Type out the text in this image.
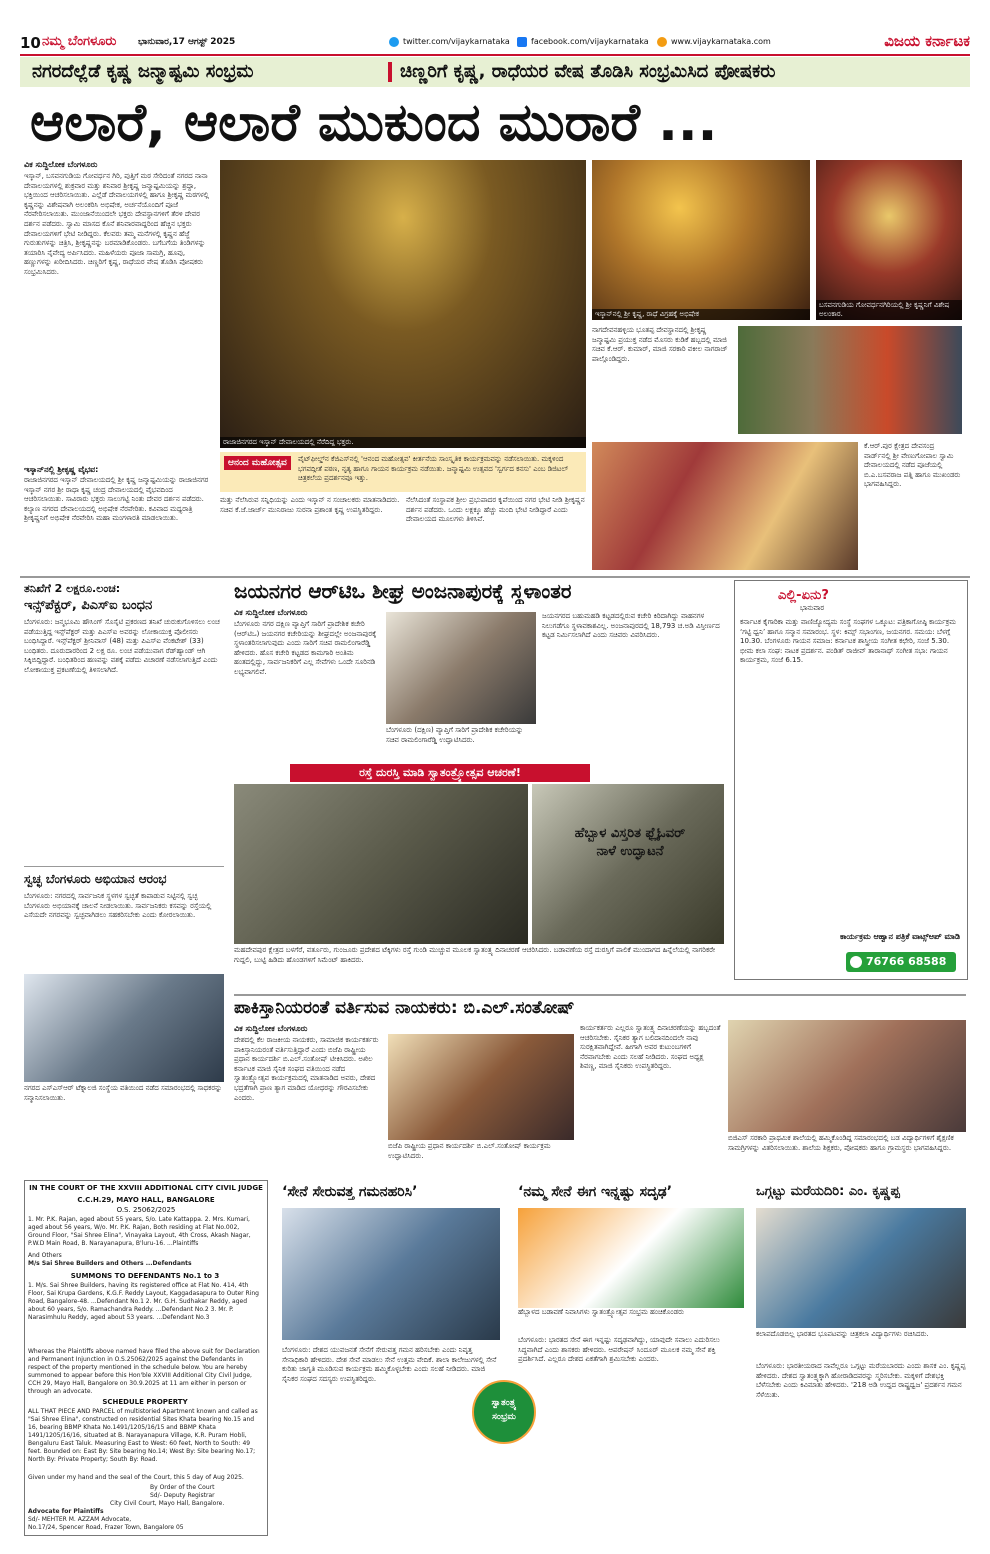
10 ನಮ್ಮ ಬೆಂಗಳೂರು ಭಾನುವಾರ,17 ಆಗಸ್ಟ್ 2025	twitter.com/vijaykarnataka	facebook.com/vijaykarnataka	www.vijaykarnataka.com	ವಿಜಯ ಕರ್ನಾಟಕ
ನಗರದೆಲ್ಲೆಡೆ ಕೃಷ್ಣ ಜನ್ಮಾಷ್ಟಮಿ ಸಂಭ್ರಮ	ಚಿಣ್ಣರಿಗೆ ಕೃಷ್ಣ, ರಾಧೆಯರ ವೇಷ ತೊಡಿಸಿ ಸಂಭ್ರಮಿಸಿದ ಪೋಷಕರು
ಆಲಾರೆ, ಆಲಾರೆ ಮುಕುಂದ ಮುರಾರೆ ...
ವಿಕ ಸುದ್ದಿಲೋಕ ಬೆಂಗಳೂರು
ಇಸ್ಕಾನ್, ಬಸವನಗುಡಿಯ ಗೋವರ್ಧನ ಗಿರಿ, ಪುತ್ತಿಗೆ ಮಠ ಸೇರಿದಂತೆ ನಗರದ ನಾನಾ ದೇವಾಲಯಗಳಲ್ಲಿ ಶುಕ್ರವಾರ ಮತ್ತು ಶನಿವಾರ ಶ್ರೀಕೃಷ್ಣ ಜನ್ಮಾಷ್ಟಮಿಯನ್ನು ಶ್ರದ್ಧಾ, ಭಕ್ತಿಯಿಂದ ಆಚರಿಸಲಾಯಿತು. ಎಲ್ಲೆಡೆ ದೇವಾಲಯಗಳಲ್ಲಿ ಹಾಗೂ ಶ್ರೀಕೃಷ್ಣ ಮಠಗಳಲ್ಲಿ ಕೃಷ್ಣನನ್ನು ವಿಶೇಷವಾಗಿ ಅಲಂಕರಿಸಿ ಅಭಿಷೇಕ, ಅರ್ಚನೆಯೊಂದಿಗೆ ಪೂಜೆ ನೆರವೇರಿಸಲಾಯಿತು. ಮುಂಜಾನೆಯಿಂದಲೇ ಭಕ್ತರು ದೇವಸ್ಥಾನಗಳಿಗೆ ತೆರಳಿ ದೇವರ ದರ್ಶನ ಪಡೆದರು. ಸ್ವಾಮಿ ಮಾಸದ ಕೊನೆ ಶನಿವಾರವಾದ್ದರಿಂದ ಹೆಚ್ಚಿನ ಭಕ್ತರು ದೇವಾಲಯಗಳಿಗೆ ಭೇಟಿ ನೀಡಿದ್ದರು. ಕೆಲವರು ತಮ್ಮ ಮನೆಗಳಲ್ಲಿ ಕೃಷ್ಣನ ಹೆಜ್ಜೆ ಗುರುತುಗಳನ್ನು ಚಿತ್ರಿಸಿ, ಶ್ರೀಕೃಷ್ಣನನ್ನು ಬರಮಾಡಿಕೊಂಡರು. ಬಗೆಬಗೆಯ ತಿಂಡಿಗಳನ್ನು ತಯಾರಿಸಿ ನೈವೇದ್ಯ ಅರ್ಪಿಸಿದರು. ಮಹಿಳೆಯರು ಪೂಜಾ ಸಾಮಗ್ರಿ, ಹೂವು, ಹಣ್ಣುಗಳನ್ನು ಖರೀದಿಸಿದರು. ಚಿಣ್ಣರಿಗೆ ಕೃಷ್ಣ, ರಾಧೆಯರ ವೇಷ ತೊಡಿಸಿ ಪೋಷಕರು ಸಂಭ್ರಮಿಸಿದರು.
ಇಸ್ಕಾನ್‌ನಲ್ಲಿ ಶ್ರೀಕೃಷ್ಣ ವೈಭವ:
ರಾಜಾಜಿನಗರದ ಇಸ್ಕಾನ್ ದೇವಾಲಯದಲ್ಲಿ ಶ್ರೀ ಕೃಷ್ಣ ಜನ್ಮಾಷ್ಟಮಿಯನ್ನು ರಾಜಾಜಿನಗರ ಇಸ್ಕಾನ್ ನಗರ ಶ್ರೀ ರಾಧಾ ಕೃಷ್ಣ ಚಂದ್ರ ದೇವಾಲಯದಲ್ಲಿ ವೈಭವದಿಂದ ಆಚರಿಸಲಾಯಿತು. ಸಾವಿರಾರು ಭಕ್ತರು ಸಾಲುಗಟ್ಟಿ ನಿಂತು ದೇವರ ದರ್ಶನ ಪಡೆದರು. ಕಲ್ಯಾಣ ನಗರದ ದೇವಾಲಯದಲ್ಲಿ ಅಭಿಷೇಕ ನೆರವೇರಿತು. ಕವಿವಾದ ಮಧ್ಯರಾತ್ರಿ ಶ್ರೀಕೃಷ್ಣನಿಗೆ ಅಭಿಷೇಕ ನೆರವೇರಿಸಿ ಮಹಾ ಮಂಗಳಾರತಿ ಮಾಡಲಾಯಿತು.
ರಾಜಾಜಿನಗರದ ಇಸ್ಕಾನ್ ದೇವಾಲಯದಲ್ಲಿ ನೆರೆದಿದ್ದ ಭಕ್ತರು.
ಆನಂದ ಮಹೋತ್ಸವ	ವೈಟ್‌ಫೀಲ್ಡ್‌ನ ಕೆಜಿಎಸ್‌ನಲ್ಲಿ 'ಆನಂದ ಮಹೋತ್ಸವ' ಕೀರ್ತನೆಯ ಸಾಂಸ್ಕೃತಿಕ ಕಾರ್ಯಕ್ರಮವನ್ನು ನಡೆಸಲಾಯಿತು. ಮಕ್ಕಳಿಂದ ಭಗವದ್ಗೀತೆ ಪಠಣ, ನೃತ್ಯ ಹಾಗೂ ಗಾಯನ ಕಾರ್ಯಕ್ರಮ ನಡೆಯಿತು. ಜನ್ಮಾಷ್ಟಮಿ ಉತ್ಸವದ 'ಸ್ವರ್ಗದ ಕನಸು' ಎಂಬ ಡಿಜಿಟಲ್ ಚಿತ್ರಕಲೆಯ ಪ್ರದರ್ಶನವೂ ಇತ್ತು.
ಮತ್ತು ನೆಲೆಸಿರುವ ಸನ್ನಿಧಿಯನ್ನು ಎಂದು ಇಸ್ಕಾನ್ ನ ಸಂಚಾಲಕರು ಮಾತನಾಡಿದರು. ಸಚಿವ ಕೆ.ಜೆ.ಜಾರ್ಜ್ ಮುನಿರಾಜು ಸುರನಾ ಪ್ರಶಾಂತ ಕೃಷ್ಣ ಉಪಸ್ಥಿತರಿದ್ದರು.
ನೆಲೆಸಿದಂತೆ ಸಂಸ್ಥಾಪಕ ಶ್ರೀಲ ಪ್ರಭುಪಾದರ ಕೃಪೆಯಿಂದ ನಗರ ಭೇಟಿ ನೀಡಿ ಶ್ರೀಕೃಷ್ಣನ ದರ್ಶನ ಪಡೆದರು. ಒಂದು ಲಕ್ಷಕ್ಕೂ ಹೆಚ್ಚು ಮಂದಿ ಭೇಟಿ ನೀಡಿದ್ದಾರೆ ಎಂದು ದೇವಾಲಯದ ಮೂಲಗಳು ತಿಳಿಸಿವೆ.
ಇಸ್ಕಾನ್‌ನಲ್ಲಿ ಶ್ರೀ ಕೃಷ್ಣ, ರಾಧೆ ವಿಗ್ರಹಕ್ಕೆ ಅಭಿಷೇಕ
ಬಸವನಗುಡಿಯ ಗೋವರ್ಧನಗಿರಿಯಲ್ಲಿ ಶ್ರೀ ಕೃಷ್ಣನಿಗೆ ವಿಶೇಷ ಅಲಂಕಾರ.
ನಾಗದೇವನಹಳ್ಳಿಯ ಭೂತಪ್ಪ ದೇವಸ್ಥಾನದಲ್ಲಿ ಶ್ರೀಕೃಷ್ಣ ಜನ್ಮಾಷ್ಟಮಿ ಪ್ರಯುಕ್ತ ನಡೆದ ಮೊಸರು ಕುಡಿಕೆ ಹಬ್ಬದಲ್ಲಿ ಮಾಜಿ ಸಚಿವ ಕೆ.ಆರ್. ಕುಮಾರ್, ಮಾಜಿ ಸರಕಾರಿ ವಕೀಲ ನಾಗರಾಜ್ ಪಾಲ್ಗೊಂಡಿದ್ದರು.
ಕೆ.ಆರ್.ಪುರ ಕ್ಷೇತ್ರದ ದೇವಸಂದ್ರ ವಾರ್ಡ್‌ನಲ್ಲಿ ಶ್ರೀ ವೇಣುಗೋಪಾಲ ಸ್ವಾಮಿ ದೇವಾಲಯದಲ್ಲಿ ನಡೆದ ಪೂಜೆಯಲ್ಲಿ ಬಿ.ಎ.ಬಸವರಾಜ ಪತ್ನಿ ಹಾಗೂ ಮುಖಂಡರು ಭಾಗವಹಿಸಿದ್ದರು.
ತನಿಖೆಗೆ 2 ಲಕ್ಷರೂ.ಲಂಚ:
ಇನ್ಸ್‌ಪೆಕ್ಟರ್, ಪಿಎಸ್‌ಐ ಬಂಧನ
ಬೆಂಗಳೂರು: ಜನ್ಮಭೂಮಿ ಹೌಸಿಂಗ್ ಸೊಸೈಟಿ ಪ್ರಕರಣದ ತನಿಖೆ ಚುರುಕುಗೊಳಿಸಲು ಲಂಚ ಪಡೆಯುತ್ತಿದ್ದ ಇನ್ಸ್‌ಪೆಕ್ಟರ್ ಮತ್ತು ಪಿಎಸ್‌ಐ ಅವರನ್ನು ಲೋಕಾಯುಕ್ತ ಪೊಲೀಸರು ಬಂಧಿಸಿದ್ದಾರೆ. ಇನ್ಸ್‌ಪೆಕ್ಟರ್ ಶ್ರೀನಿವಾಸ್ (48) ಮತ್ತು ಪಿಎಸ್‌ಐ ವೆಂಕಟೇಶ್ (33) ಬಂಧಿತರು. ದೂರುದಾರರಿಂದ 2 ಲಕ್ಷ ರೂ. ಲಂಚ ಪಡೆಯುವಾಗ ರೆಡ್‌ಹ್ಯಾಂಡ್ ಆಗಿ ಸಿಕ್ಕಿಬಿದ್ದಿದ್ದಾರೆ. ಬಂಧಿತರಿಂದ ಹಣವನ್ನು ವಶಕ್ಕೆ ಪಡೆದು ವಿಚಾರಣೆ ನಡೆಸಲಾಗುತ್ತಿದೆ ಎಂದು ಲೋಕಾಯುಕ್ತ ಪ್ರಕಟಣೆಯಲ್ಲಿ ತಿಳಿಸಲಾಗಿದೆ.
ಸ್ವಚ್ಛ ಬೆಂಗಳೂರು ಅಭಿಯಾನ ಆರಂಭ
ಬೆಂಗಳೂರು: ನಗರದಲ್ಲಿ ಸಾರ್ವಜನಿಕ ಸ್ಥಳಗಳ ಸ್ವಚ್ಛತೆ ಕಾಪಾಡುವ ನಿಟ್ಟಿನಲ್ಲಿ ಸ್ವಚ್ಛ ಬೆಂಗಳೂರು ಅಭಿಯಾನಕ್ಕೆ ಚಾಲನೆ ನೀಡಲಾಯಿತು. ಸಾರ್ವಜನಿಕರು ಕಸವನ್ನು ರಸ್ತೆಯಲ್ಲಿ ಎಸೆಯದೇ ನಗರವನ್ನು ಸ್ವಚ್ಛವಾಗಿಡಲು ಸಹಕರಿಸಬೇಕು ಎಂದು ಕೋರಲಾಯಿತು.
ನಗರದ ಎಸ್‌ಎಸ್‌ಆರ್ ಟೆಕ್ನಾಲಜಿ ಸಂಸ್ಥೆಯ ವತಿಯಿಂದ ನಡೆದ ಸಮಾರಂಭದಲ್ಲಿ ಸಾಧಕರನ್ನು ಸನ್ಮಾನಿಸಲಾಯಿತು.
ಜಯನಗರ ಆರ್‌ಟಿಒ ಶೀಘ್ರ ಅಂಜನಾಪುರಕ್ಕೆ ಸ್ಥಳಾಂತರ
ವಿಕ ಸುದ್ದಿಲೋಕ ಬೆಂಗಳೂರು
ಬೆಂಗಳೂರು ನಗರ ದಕ್ಷಿಣ ವ್ಯಾಪ್ತಿಗೆ ಸಾರಿಗೆ ಪ್ರಾದೇಶಿಕ ಕಚೇರಿ (ಆರ್‌ಟಿಒ) ಜಯನಗರ ಕಚೇರಿಯನ್ನು ಶೀಘ್ರದಲ್ಲೇ ಅಂಜನಾಪುರಕ್ಕೆ ಸ್ಥಳಾಂತರಿಸಲಾಗುವುದು ಎಂದು ಸಾರಿಗೆ ಸಚಿವ ರಾಮಲಿಂಗಾರೆಡ್ಡಿ ಹೇಳಿದರು. ಹೊಸ ಕಚೇರಿ ಕಟ್ಟಡದ ಕಾಮಗಾರಿ ಅಂತಿಮ ಹಂತದಲ್ಲಿದ್ದು, ಸಾರ್ವಜನಿಕರಿಗೆ ಎಲ್ಲ ಸೇವೆಗಳು ಒಂದೇ ಸೂರಿನಡಿ ಲಭ್ಯವಾಗಲಿವೆ.
ಬೆಂಗಳೂರು (ದಕ್ಷಿಣ) ವ್ಯಾಪ್ತಿಗೆ ಸಾರಿಗೆ ಪ್ರಾದೇಶಿಕ ಕಚೇರಿಯನ್ನು ಸಚಿವ ರಾಮಲಿಂಗಾರೆಡ್ಡಿ ಉದ್ಘಾಟಿಸಿದರು.
ಜಯನಗರದ ಬಹುಮಹಡಿ ಕಟ್ಟಡದಲ್ಲಿರುವ ಕಚೇರಿ ಕಿರಿದಾಗಿದ್ದು ವಾಹನಗಳ ನಿಲುಗಡೆಗೂ ಸ್ಥಳಾವಕಾಶವಿಲ್ಲ. ಅಂಜನಾಪುರದಲ್ಲಿ 18,793 ಚ.ಅಡಿ ವಿಸ್ತೀರ್ಣದ ಕಟ್ಟಡ ನಿರ್ಮಿಸಲಾಗಿದೆ ಎಂದು ಸಚಿವರು ವಿವರಿಸಿದರು.
ರಸ್ತೆ ದುರಸ್ತಿ ಮಾಡಿ ಸ್ವಾತಂತ್ರ್ಯೋತ್ಸವ ಆಚರಣೆ!
ಮಹದೇವಪುರ ಕ್ಷೇತ್ರದ ಬಳಗೆರೆ, ವರ್ತೂರು, ಗುಂಜೂರು ಪ್ರದೇಶದ ಟೆಕ್ಕಿಗಳು ರಸ್ತೆ ಗುಂಡಿ ಮುಚ್ಚುವ ಮೂಲಕ ಸ್ವಾತಂತ್ರ್ಯ ದಿನಾಚರಣೆ ಆಚರಿಸಿದರು. ಬಡಾವಣೆಯ ರಸ್ತೆ ದುರಸ್ತಿಗೆ ಪಾಲಿಕೆ ಮುಂದಾಗದ ಹಿನ್ನೆಲೆಯಲ್ಲಿ ನಾಗರಿಕರೇ ಗುದ್ದಲಿ, ಬುಟ್ಟಿ ಹಿಡಿದು ಹೊಂಡಗಳಿಗೆ ಸಿಮೆಂಟ್ ಹಾಕಿದರು.
ಹೆಬ್ಬಾಳ ವಿಸ್ತರಿತ ಫ್ಲೈಓವರ್
ನಾಳೆ ಉದ್ಘಾಟನೆ
ಎಲ್ಲಿ-ಏನು?
ಭಾನುವಾರ
ಕರ್ನಾಟಕ ಕೈಗಾರಿಕಾ ಮತ್ತು ವಾಣಿಜ್ಯೋದ್ಯಮ ಸಂಸ್ಥೆ ಸಂಘಗಳ ಒಕ್ಕೂಟ: ಪತ್ರಿಕಾಗೋಷ್ಠಿ ಕಾರ್ಯಕ್ರಮ ‘ಗಟ್ಟಿ ಧ್ವನಿ’ ಹಾಗೂ ಸನ್ಮಾನ ಸಮಾರಂಭ. ಸ್ಥಳ: ಕಿಮ್ಸ್ ಸಭಾಂಗಣ, ಜಯನಗರ. ಸಮಯ: ಬೆಳಗ್ಗೆ 10.30. ಬೆಂಗಳೂರು ಗಾಯನ ಸಮಾಜ: ಕರ್ನಾಟಕ ಶಾಸ್ತ್ರೀಯ ಸಂಗೀತ ಕಛೇರಿ, ಸಂಜೆ 5.30. ಭೀಮ ಕಲಾ ಸಂಘ: ನಾಟಕ ಪ್ರದರ್ಶನ. ಪಂಡಿತ್ ರಾಜೀವ್ ತಾರಾನಾಥ್ ಸಂಗೀತ ಸಭಾ: ಗಾಯನ ಕಾರ್ಯಕ್ರಮ, ಸಂಜೆ 6.15.
ಕಾರ್ಯಕ್ರಮ ಆಹ್ವಾನ ಪತ್ರಿಕೆ ವಾಟ್ಸ್‌ಆಪ್ ಮಾಡಿ
76766 68588
ಪಾಕಿಸ್ತಾನಿಯರಂತೆ ವರ್ತಿಸುವ ನಾಯಕರು: ಬಿ.ಎಲ್.ಸಂತೋಷ್
ವಿಕ ಸುದ್ದಿಲೋಕ ಬೆಂಗಳೂರು
ದೇಶದಲ್ಲಿ ಕೆಲ ರಾಜಕೀಯ ನಾಯಕರು, ಸಾಮಾಜಿಕ ಕಾರ್ಯಕರ್ತರು ಪಾಕಿಸ್ತಾನಿಯರಂತೆ ವರ್ತಿಸುತ್ತಿದ್ದಾರೆ ಎಂದು ಬಿಜೆಪಿ ರಾಷ್ಟ್ರೀಯ ಪ್ರಧಾನ ಕಾರ್ಯದರ್ಶಿ ಬಿ.ಎಲ್.ಸಂತೋಷ್ ಟೀಕಿಸಿದರು. ಅಖಿಲ ಕರ್ನಾಟಕ ಮಾಜಿ ಸೈನಿಕ ಸಂಘದ ವತಿಯಿಂದ ನಡೆದ ಸ್ವಾತಂತ್ರ್ಯೋತ್ಸವ ಕಾರ್ಯಕ್ರಮದಲ್ಲಿ ಮಾತನಾಡಿದ ಅವರು, ದೇಶದ ಭದ್ರತೆಗಾಗಿ ಪ್ರಾಣ ತ್ಯಾಗ ಮಾಡಿದ ಯೋಧರನ್ನು ಗೌರವಿಸಬೇಕು ಎಂದರು.
ಬಿಜೆಪಿ ರಾಷ್ಟ್ರೀಯ ಪ್ರಧಾನ ಕಾರ್ಯದರ್ಶಿ ಬಿ.ಎಲ್.ಸಂತೋಷ್ ಕಾರ್ಯಕ್ರಮ ಉದ್ಘಾಟಿಸಿದರು.
ಕಾರ್ಯಕರ್ತರು ಎಲ್ಲರೂ ಸ್ವಾತಂತ್ರ್ಯ ದಿನಾಚರಣೆಯನ್ನು ಹಬ್ಬದಂತೆ ಆಚರಿಸಬೇಕು. ಸೈನಿಕರ ತ್ಯಾಗ ಬಲಿದಾನದಿಂದಲೇ ನಾವು ಸುರಕ್ಷಿತವಾಗಿದ್ದೇವೆ. ಹೀಗಾಗಿ ಅವರ ಕುಟುಂಬಗಳಿಗೆ ನೆರವಾಗಬೇಕು ಎಂದು ಸಲಹೆ ನೀಡಿದರು. ಸಂಘದ ಅಧ್ಯಕ್ಷ ಶಿವಣ್ಣ, ಮಾಜಿ ಸೈನಿಕರು ಉಪಸ್ಥಿತರಿದ್ದರು.
ಬಿಜಿಎಸ್ ಸರಕಾರಿ ಪ್ರಾಥಮಿಕ ಶಾಲೆಯಲ್ಲಿ ಹಮ್ಮಿಕೊಂಡಿದ್ದ ಸಮಾರಂಭದಲ್ಲಿ ಬಡ ವಿದ್ಯಾರ್ಥಿಗಳಿಗೆ ಶೈಕ್ಷಣಿಕ ಸಾಮಗ್ರಿಗಳನ್ನು ವಿತರಿಸಲಾಯಿತು. ಶಾಲೆಯ ಶಿಕ್ಷಕರು, ಪೋಷಕರು ಹಾಗೂ ಗ್ರಾಮಸ್ಥರು ಭಾಗವಹಿಸಿದ್ದರು.
IN THE COURT OF THE XXVIII ADDITIONAL CITY CIVIL JUDGE
C.C.H.29, MAYO HALL, BANGALORE
O.S. 25062/2025
1. Mr. P.K. Rajan, aged about 55 years, S/o. Late Kattappa. 2. Mrs. Kumari, aged about 56 years, W/o. Mr. P.K. Rajan, Both residing at Flat No.002, Ground Floor, "Sai Shree Elina", Vinayaka Layout, 4th Cross, Akash Nagar, P.W.D Main Road, B. Narayanapura, B'luru-16. ...Plaintiffs
And Others
M/s Sai Shree Builders and Others ...Defendants
SUMMONS TO DEFENDANTS No.1 to 3
1. M/s. Sai Shree Builders, having its registered office at Flat No. 414, 4th Floor, Sai Krupa Gardens, K.G.F. Reddy Layout, Kaggadasapura to Outer Ring Road, Bangalore-48. ...Defendant No.1 2. Mr. G.H. Sudhakar Reddy, aged about 60 years, S/o. Ramachandra Reddy. ...Defendant No.2 3. Mr. P. Narasimhulu Reddy, aged about 53 years. ...Defendant No.3
Whereas the Plaintiffs above named have filed the above suit for Declaration and Permanent Injunction in O.S.25062/2025 against the Defendants in respect of the property mentioned in the schedule below. You are hereby summoned to appear before this Hon'ble XXVIII Additional City Civil Judge, CCH 29, Mayo Hall, Bangalore on 30.9.2025 at 11 am either in person or through an advocate.
SCHEDULE PROPERTY
ALL THAT PIECE AND PARCEL of multistoried Apartment known and called as "Sai Shree Elina", constructed on residential Sites Khata bearing No.15 and 16, bearing BBMP Khata No.1491/1205/16/15 and BBMP Khata 1491/1205/16/16, situated at B. Narayanapura Village, K.R. Puram Hobli, Bengaluru East Taluk. Measuring East to West: 60 feet, North to South: 49 feet. Bounded on: East By: Site bearing No.14; West By: Site bearing No.17; North By: Private Property; South By: Road.
Given under my hand and the seal of the Court, this 5 day of Aug 2025.
By Order of the Court
Sd/- Deputy Registrar
City Civil Court, Mayo Hall, Bangalore.
Advocate for Plaintiffs
Sd/- MEHTER M. AZZAM Advocate,
No.17/24, Spencer Road, Frazer Town, Bangalore 05
‘ಸೇನೆ ಸೇರುವತ್ತ ಗಮನಹರಿಸಿ’
ಬೆಂಗಳೂರು: ದೇಶದ ಯುವಜನತೆ ಸೇನೆಗೆ ಸೇರುವತ್ತ ಗಮನ ಹರಿಸಬೇಕು ಎಂದು ನಿವೃತ್ತ ಸೇನಾಧಿಕಾರಿ ಹೇಳಿದರು. ದೇಶ ಸೇವೆ ಮಾಡಲು ಸೇನೆ ಉತ್ತಮ ವೇದಿಕೆ. ಶಾಲಾ ಕಾಲೇಜುಗಳಲ್ಲಿ ಸೇನೆ ಕುರಿತು ಜಾಗೃತಿ ಮೂಡಿಸುವ ಕಾರ್ಯಕ್ರಮ ಹಮ್ಮಿಕೊಳ್ಳಬೇಕು ಎಂದು ಸಲಹೆ ನೀಡಿದರು. ಮಾಜಿ ಸೈನಿಕರ ಸಂಘದ ಸದಸ್ಯರು ಉಪಸ್ಥಿತರಿದ್ದರು.
‘ನಮ್ಮ ಸೇನೆ ಈಗ ಇನ್ನಷ್ಟು ಸದೃಢ’
ಹೆಬ್ಬಾಳದ ಬಡಾವಣೆ ನಿವಾಸಿಗಳು ಸ್ವಾತಂತ್ರ್ಯೋತ್ಸವ ಸಂಭ್ರಮ ಹಂಚಿಕೊಂಡರು
ಬೆಂಗಳೂರು: ಭಾರತದ ಸೇನೆ ಈಗ ಇನ್ನಷ್ಟು ಸದೃಢವಾಗಿದ್ದು, ಯಾವುದೇ ಸವಾಲು ಎದುರಿಸಲು ಸಿದ್ಧವಾಗಿದೆ ಎಂದು ಶಾಸಕರು ಹೇಳಿದರು. ಆಪರೇಷನ್ ಸಿಂದೂರ್ ಮೂಲಕ ನಮ್ಮ ಸೇನೆ ಶಕ್ತಿ ಪ್ರದರ್ಶಿಸಿದೆ. ಎಲ್ಲರೂ ದೇಶದ ಏಕತೆಗಾಗಿ ಶ್ರಮಿಸಬೇಕು ಎಂದರು.
ಸ್ವಾತಂತ್ರ್ಯ ಸಂಭ್ರಮ
ಒಗ್ಗಟ್ಟು ಮರೆಯದಿರಿ: ಎಂ. ಕೃಷ್ಣಪ್ಪ
ಕಲಾಪದೊಡಬಿಲ್ಲ ಭಾರತದ ಭೂಪಟವನ್ನು ಚಿತ್ರಕಲಾ ವಿದ್ಯಾರ್ಥಿಗಳು ರಚಿಸಿದರು.
ಬೆಂಗಳೂರು: ಭಾರತೀಯರಾದ ನಾವೆಲ್ಲರೂ ಒಗ್ಗಟ್ಟು ಮರೆಯಬಾರದು ಎಂದು ಶಾಸಕ ಎಂ. ಕೃಷ್ಣಪ್ಪ ಹೇಳಿದರು. ದೇಶದ ಸ್ವಾತಂತ್ರ್ಯಕ್ಕಾಗಿ ಹೋರಾಡಿದವರನ್ನು ಸ್ಮರಿಸಬೇಕು. ಮಕ್ಕಳಿಗೆ ದೇಶಭಕ್ತಿ ಬೆಳೆಸಬೇಕು ಎಂದು ಕಿವಿಮಾತು ಹೇಳಿದರು. '218 ಅಡಿ ಉದ್ದದ ರಾಷ್ಟ್ರಧ್ವಜ' ಪ್ರದರ್ಶನ ಗಮನ ಸೆಳೆಯಿತು.
